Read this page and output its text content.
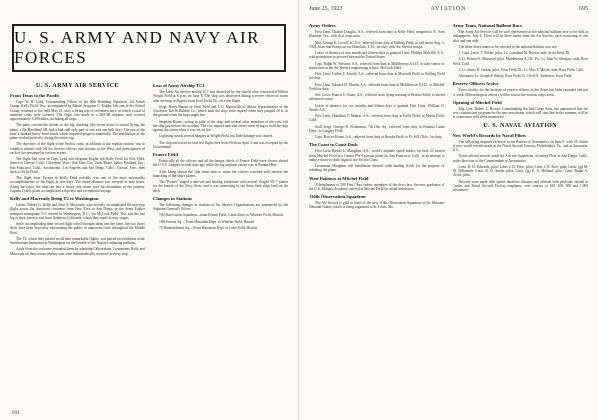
U. S. ARMY AND NAVY AIR FORCES
U. S. ARMY AIR SERVICE
From Texas to the Pacific

Capt. W. R. Lynd, Commanding Officer of the 90th Bombing Squadron, 3rd Attack Group, Kelly Field, Tex., accompanied by Master Sergeant C. Kogler, left one of the School Group, returned to the field May 21, after a flying trip of seventeen days, in which a total of nineteen cities were covered. The flight was made in a DH-4B airplane, and covered approximately 3,500 miles, including all stops.

The party crossed the divide on the big climbing fifty-seven hours of actual flying, the plane, a De Havilland 4B, had a bad stall only part of one end one-half days. The rest of the time it banked heavy head winds which impeded progress materially. The mechanism of the plane worked perfectly during the entire trip.

The objective of the flight to the Pacific coast, in addition to the regular routine, was to establish contact with all Air Service officers and stations in the West, and participation of each of the personnel in various events.

The flight line went in Capt. Lynd and Sergeant Kogler left Kelly Field for Post Field, thence to Denver, Colo.; Cheyenne, Wyo.; Salt Lake City, Utah; Boise, Idaho; Portland, Ore.; San Francisco, Calif.; Sacramento, Los Angeles and San Diego, Calif.; Tucson, Ariz.; then back to Kelly Field.

The flight from Tucson to Kelly Field possibly was one of the most noteworthy accomplishments of the flight in five days. The entire distance was covered in nine hours. Along the route, the ship ran into a heavy rain storm over the mountains of the journey. Captain Lynd's plane accomplished a flawless and exceptional voyage.

Kelly and Macready Bring T2 to Washington

Lieuts. Oakley G. Kelly and John A. Macready, who recently accomplished the non-stop flight across the American continent from New York to San Diego, in the Army Fokker transport monoplane T-2, arrived in Washington, D.C., via McCook Field. This was the last leg of their journey east from Southern California, which they made in easy stages.

Since accomplishing their record flight which brought them into the fame, the two Army fliers have been kept busy entertaining the public in numerous cities throughout the Middle West.

The T2, which they piloted on all their remarkable flights, was placed on exhibition at the Smithsonian Institution in Washington for the benefit of the Nation's admiring millions.

Aside from the welcome extended them by admiring Californians, Lieutenants Kelly and Macready on their return journey east were enthusiastically received at every stop.

Loss of Army Airship TC1

The Army Air Service airship TC1 was destroyed by fire shortly after it moored at Wilbur Wright Field at 6 p.m. on June 8. The ship was destroyed during a severe electrical storm after arriving in Dayton from Scott Field, Ill., on a test flight.

Sergt. Harry Barnes of Scott Field and J. C. Marsoville of Akron, representative of the Goodyear Tire & Rubber Co., which built the ship, were injured when they jumped 20 ft. to the ground when the bag caught fire.

Sergeant Barnes, acting as pilot of the ship, and several other members of the crew left the ship just before the accident. The two injured men and others were trying to hold the ship against the storm when it was set on fire.

Lightning struck several hangars at Wright Field, but little damage was caused.

The ship arrived on its trial test flight over Scott Field on April 2 and was accepted by the Government.

France Field

Practically all the officers and all the hangar chiefs of France Field were shown aboard the U.S.S. Langley several days ago while the big airplane carrier was in Panama Bay.

After being shown the ship from stem to stern, the visitors watched with interest the launching of the ship's planes.

The "Pirates" staged a take-off and landing exhibition with several Vought VE-7 planes for the benefit of the Navy fliers, and it was interesting to see those little ships land on the deck.

Changes in Stations

The following changes in stations of Air Service Organizations are announced by the Adjutant General's Office:

7th Observation Squadron—from France Field, Canal Zone, to Wheeler Field, Hawaii.

18th Pursuit Sq.—From Hawaiian Dept. to Wheeler Field, Hawaii.

72 Bombardment Sq.—From Hawaiian Dept. to Luke Field, Hawaii.

694
June 25, 1923	AVIATION	695
Army Orders

First Lieut. Charles Douglas, A.S., relieved from duty at Kelly Field, assigned to Ft. Sam Houston, Tex., with first corps area.

Maj. George E. Lovell, Jr., A.S., relieved from duty at Bolling Field, to sail about Aug. 3, 1923, from San Francisco for Honolulu, T. H., for duty with Air Service troops.

Leave of absence of one month and fifteen days is granted Lieut. Phillips Melville, A.S., with permission to proceed beyond the United States.

Capt. Ralph W. Nelsoon, A.S., relieved from duty at Middletown A.I.D., to take course of instruction at the Air Service engineering school, McCook Field.

First Lieut. Luther F. Arnold, A.S., relieved from duty at Maxwell Field, to Bolling Field for duty.

First Lieut. Edward H. Martin, A.S., relieved from duty at Middletown A.I.D., to Mitchel Field for duty.

Sec. Lieut. Francis E. Kane, A.S., relieved from flying training at Brooks Field, to attend advanced course.

Leave of absence for two months and fifteen days is granted First Lieut. William O. Smith, A.S.

First Lieut. Hamilton T. Mahon, A.S., relieved from duty at Kelly Field, to March Field, Calif.

Staff Sergt. George H. Fisherman, 7th Obs. Sq., relieved from duty in Panama Canal Dept., to Langley Field.

Capt. Roscoe Evans, A.S., relieved from duty at Brooks Field, to Ft. Sill, Okla., for duty.

The Coast to Coast Dash

First Lieut Russel L. Maughan, A.S., world's airplane speed holder, on June 23 started from Mitchel Field in a Curtiss PW-8 pursuit plane for San Francisco, Calif., in an attempt to make a dawn-to-dusk flight to the Pacific Coast.

Lieutenant Maughan will familiarize himself with landing fields for the purpose of refueling the plane.

West Pointers at Mitchel Field

A detachment of 200 First Class cadets, members of the first class, the new graduates of the U.S. Military Academy, arrived at Mitchel Field for aerial instruction.

110th Observation Squadron

The Air Service is glad to learn of the new 110th Observation Squadron of the Missouri National Guard, which is being organized at St. Louis, Mo.

Army Team, National Balloon Race

The Army Air Service will be well represented at the national balloon race to be held at Indianapolis, July 4. There will be three teams from the Air Service, each consisting of one pilot and one aide.

The three Army teams to be selected to the national balloon race are:

1. Capt. Leroy T. Wilder, pilot, Lt. Courtland M. Brown, aide, Scott Field, Ill.

2. Lt. Robert S. Olmstead, pilot, Middletown A.I.D., Pa.; Lt. John W. Shoptaw, aide, Ross Field, Calif.

3. Lt. James B. Jordan, pilot, Scott Field, Ill.; Lt. Max F. Moyer, aide, Ross Field, Calif.

Alternates: Lt. Joseph P. Bailey, Ross Field; Lt. Orvil A. Anderson, Scott Field.

Reserve Officers Active

Every facility for the increase of reserve officers in the Army has been extended and put to work. Meteorological officers will be sent to the various corps areas.

Opening of Mitchel Field

Maj. Gen. Robert L. Howze, Commanding the 2nd Corps Area, has announced that the new construction program for the new aerodrome, which will start late in the summer, will be in connection with these maneuvers.

U. S. NAVAL AVIATION
New World's Records by Naval Pilots

The following dispatch received in the Bureau of Aeronautics on June 9, with 25 claims of new world records made at the Naval Aircraft Factory, Philadelphia, Pa., and at Anacostia, D.C.

Naval official records made by Aircraft Squadrons, Scouting Fleet at San Diego, Calif., under direction of the Commandant of Aeronautics.

Lieut. R. H. Edwards, pilot; Lieut. J. D. Price, pilot; Lieut. J. R. Kerr, pilot; Lieut. (jg) M. M. Wilkinson; Lieut. R. D. Smith, pilot; Lieut. (jg) E. A. Holland, pilot; Lieut. Ralph A. Ofstie, pilot.

Records were made with speed, duration, distance and altitude with payloads carried in Curtiss and Naval Aircraft Factory seaplanes, over courses of 100, 200, 500 and 1,000 kilometers.
